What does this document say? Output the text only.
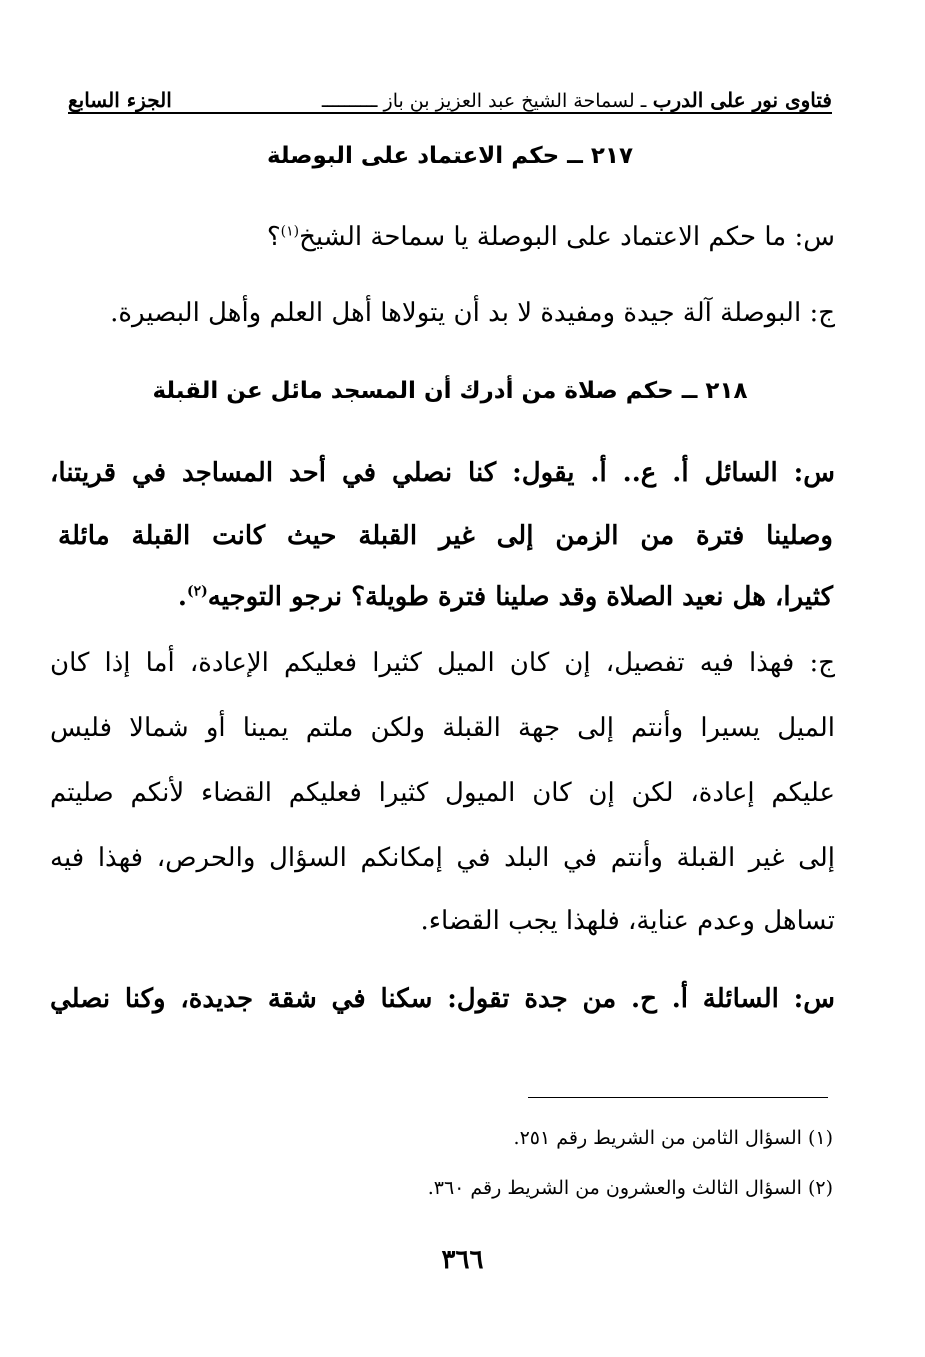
فتاوى نور على الدرب ـ لسماحة الشيخ عبد العزيز بن باز ــــــــــ
الجزء السابع
٢١٧ ــ حكم الاعتماد على البوصلة
س: ما حكم الاعتماد على البوصلة يا سماحة الشيخ$^{(١)}$؟
ج: البوصلة آلة جيدة ومفيدة لا بد أن يتولاها أهل العلم وأهل البصيرة.
٢١٨ ــ حكم صلاة من أدرك أن المسجد مائل عن القبلة
س: السائل أ. ع.. أ. يقول: كنا نصلي في أحد المساجد في قريتنا،
وصلينا فترة من الزمن إلى غير القبلة حيث كانت القبلة مائلة
كثيرا، هل نعيد الصلاة وقد صلينا فترة طويلة؟ نرجو التوجيه$^{(٢)}$.
ج: فهذا فيه تفصيل، إن كان الميل كثيرا فعليكم الإعادة، أما إذا كان
الميل يسيرا وأنتم إلى جهة القبلة ولكن ملتم يمينا أو شمالا فليس
عليكم إعادة، لكن إن كان الميول كثيرا فعليكم القضاء لأنكم صليتم
إلى غير القبلة وأنتم في البلد في إمكانكم السؤال والحرص، فهذا فيه
تساهل وعدم عناية، فلهذا يجب القضاء.
س: السائلة أ. ح. من جدة تقول: سكنا في شقة جديدة، وكنا نصلي
(١) السؤال الثامن من الشريط رقم ٢٥١.
(٢) السؤال الثالث والعشرون من الشريط رقم ٣٦٠.
٣٦٦
